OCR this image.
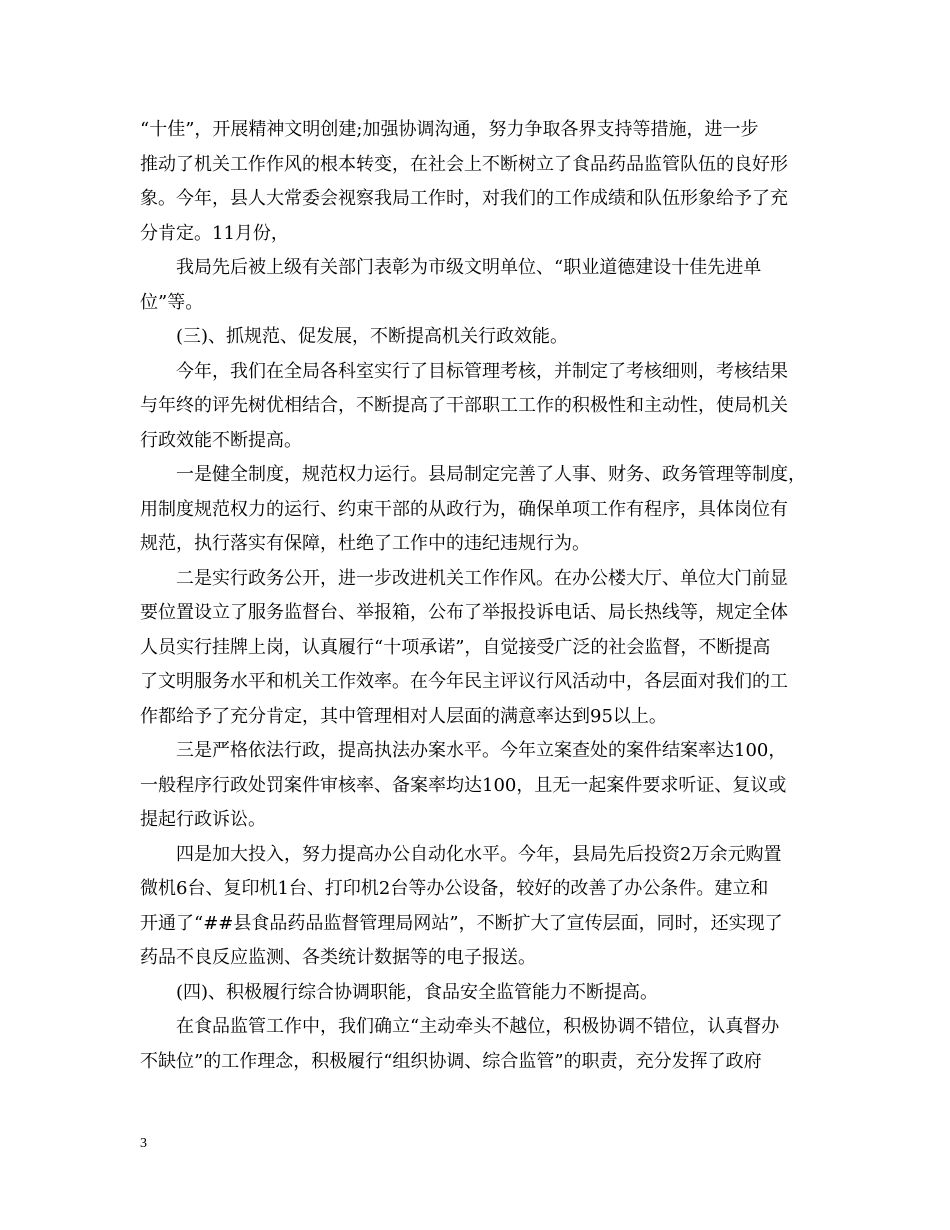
“十佳”，开展精神文明创建;加强协调沟通，努力争取各界支持等措施，进一步
推动了机关工作作风的根本转变，在社会上不断树立了食品药品监管队伍的良好形
象。今年，县人大常委会视察我局工作时，对我们的工作成绩和队伍形象给予了充
分肯定。11月份，
我局先后被上级有关部门表彰为市级文明单位、“职业道德建设十佳先进单
位”等。
(三)、抓规范、促发展，不断提高机关行政效能。
今年，我们在全局各科室实行了目标管理考核，并制定了考核细则，考核结果
与年终的评先树优相结合，不断提高了干部职工工作的积极性和主动性，使局机关
行政效能不断提高。
一是健全制度，规范权力运行。县局制定完善了人事、财务、政务管理等制度，
用制度规范权力的运行、约束干部的从政行为，确保单项工作有程序，具体岗位有
规范，执行落实有保障，杜绝了工作中的违纪违规行为。
二是实行政务公开，进一步改进机关工作作风。在办公楼大厅、单位大门前显
要位置设立了服务监督台、举报箱，公布了举报投诉电话、局长热线等，规定全体
人员实行挂牌上岗，认真履行“十项承诺”，自觉接受广泛的社会监督，不断提高
了文明服务水平和机关工作效率。在今年民主评议行风活动中，各层面对我们的工
作都给予了充分肯定，其中管理相对人层面的满意率达到95以上。
三是严格依法行政，提高执法办案水平。今年立案查处的案件结案率达100，
一般程序行政处罚案件审核率、备案率均达100，且无一起案件要求听证、复议或
提起行政诉讼。
四是加大投入，努力提高办公自动化水平。今年，县局先后投资2万余元购置
微机6台、复印机1台、打印机2台等办公设备，较好的改善了办公条件。建立和
开通了“##县食品药品监督管理局网站”，不断扩大了宣传层面，同时，还实现了
药品不良反应监测、各类统计数据等的电子报送。
(四)、积极履行综合协调职能，食品安全监管能力不断提高。
在食品监管工作中，我们确立“主动牵头不越位，积极协调不错位，认真督办
不缺位”的工作理念，积极履行“组织协调、综合监管”的职责，充分发挥了政府
3
